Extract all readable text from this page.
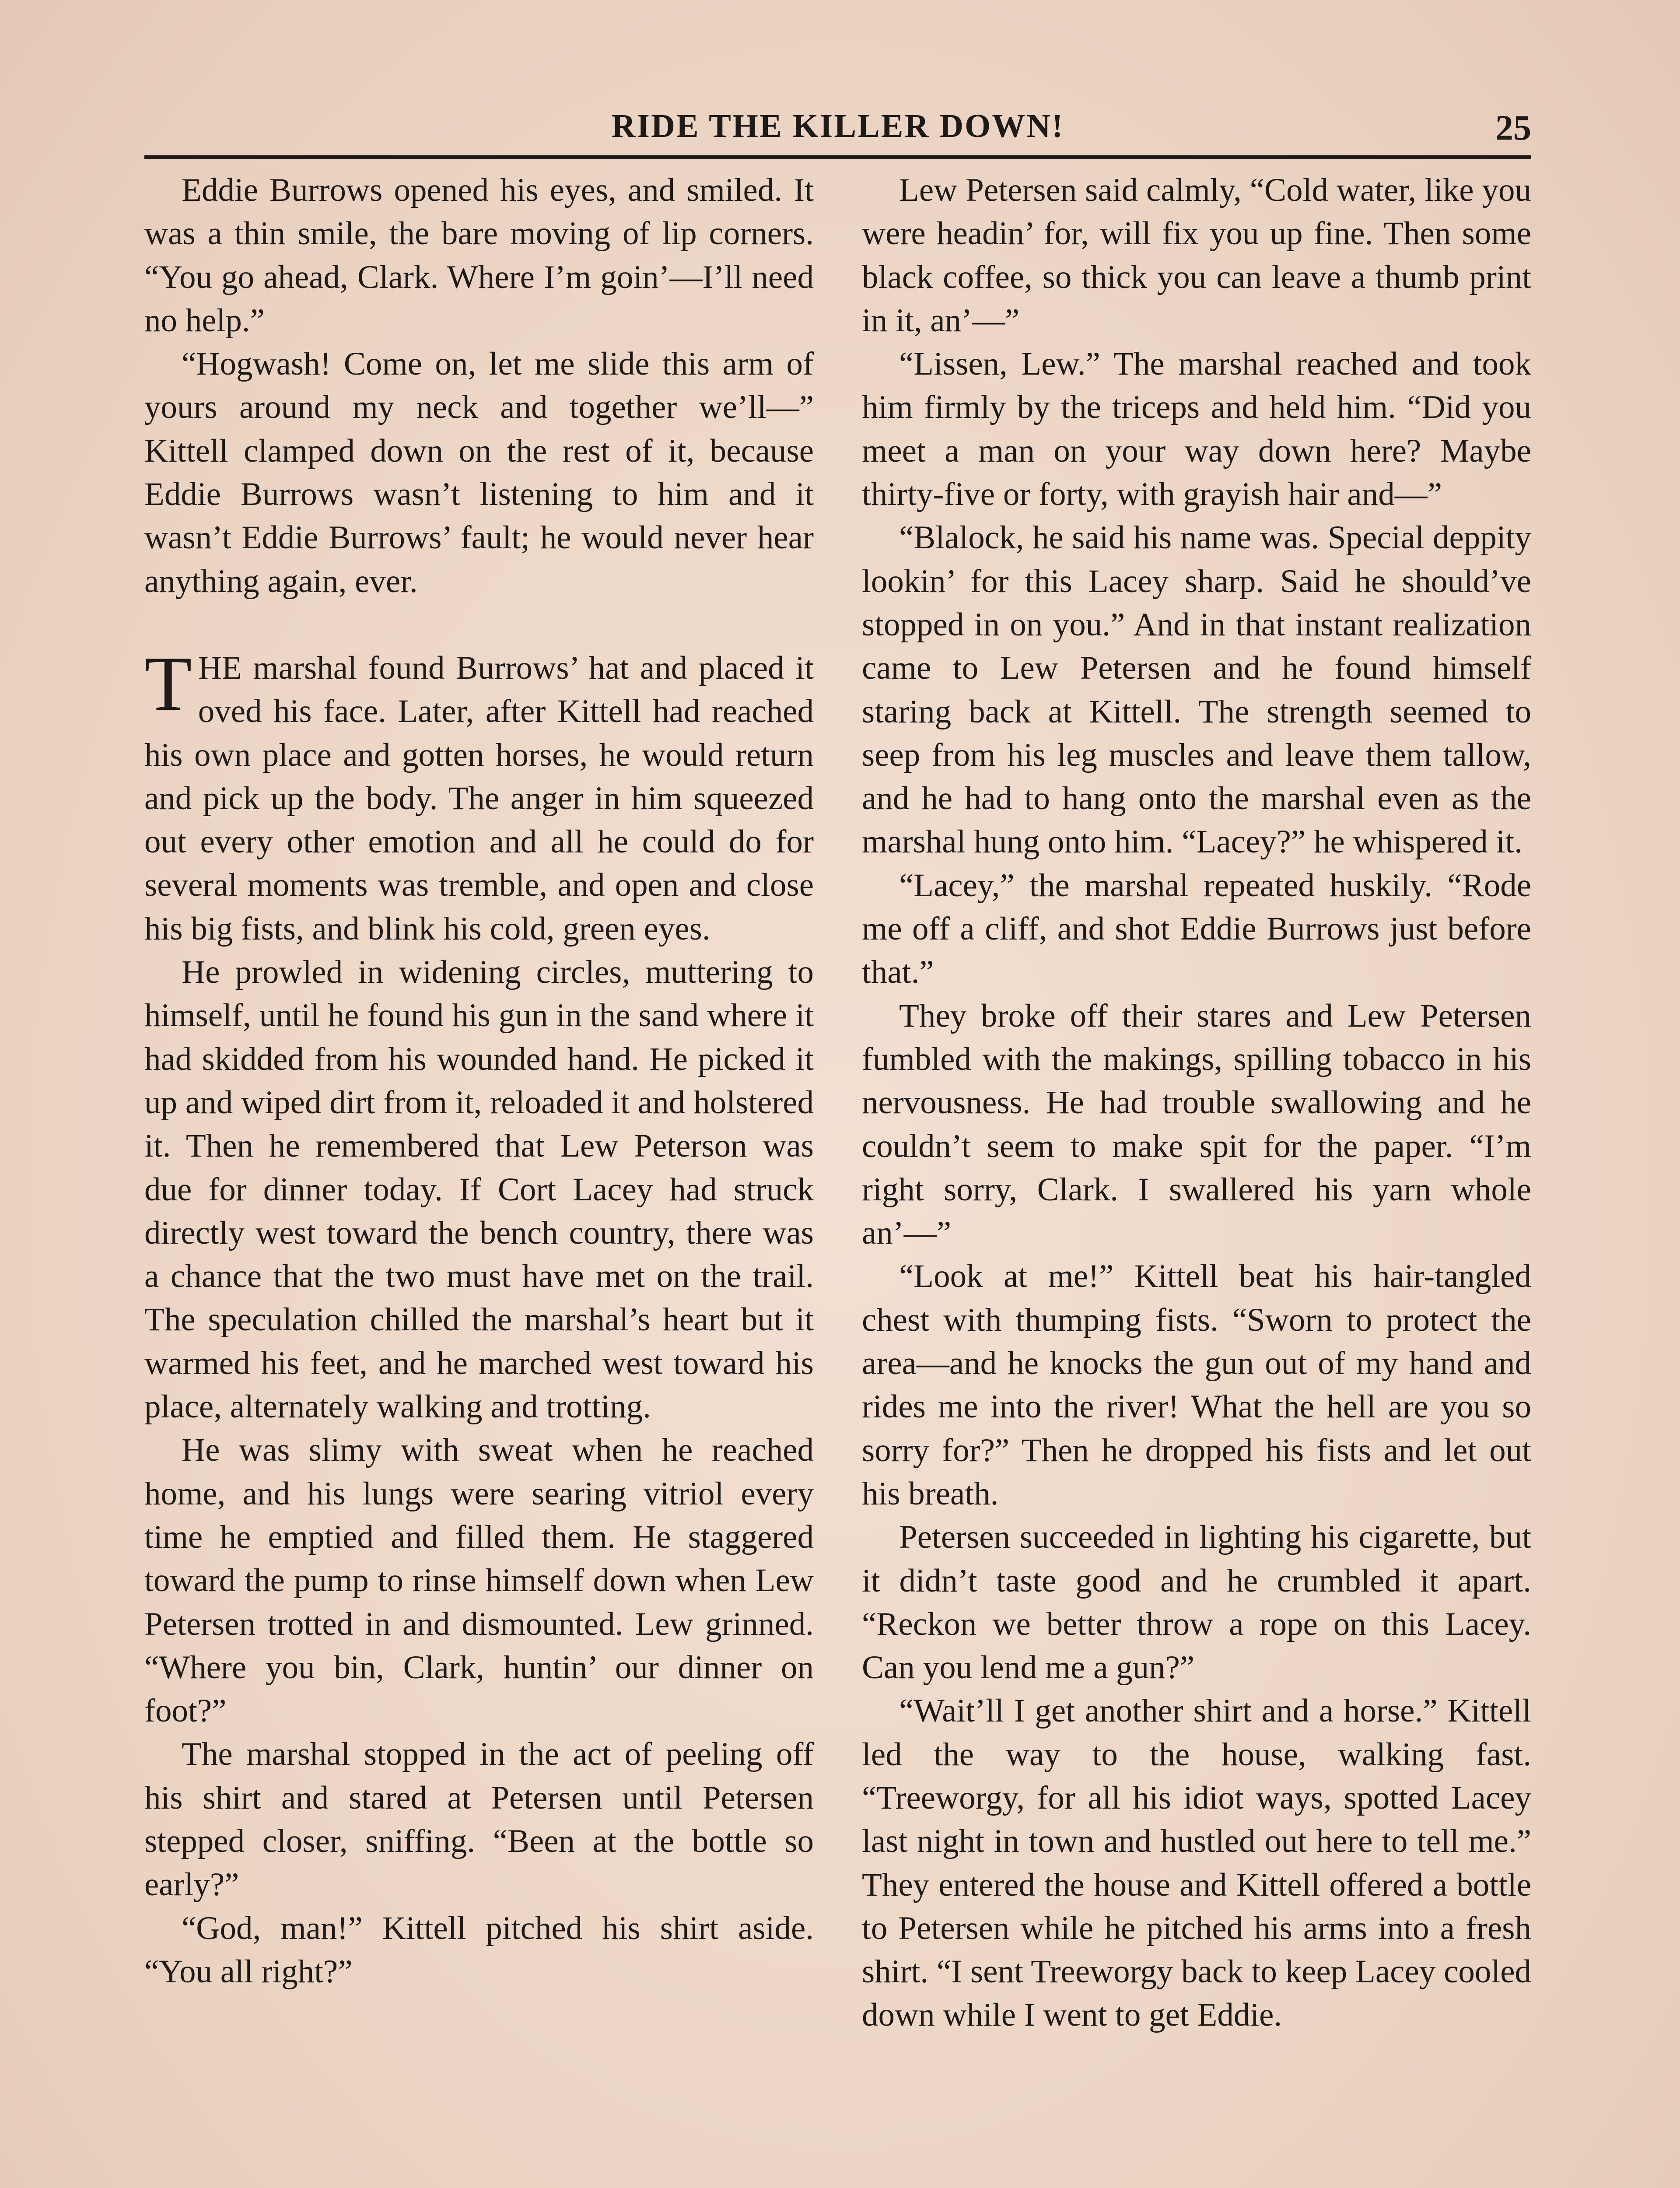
RIDE THE KILLER DOWN!	25

Eddie Burrows opened his eyes, and smiled. It was a thin smile, the bare moving of lip corners. “You go ahead, Clark. Where I’m goin’—I’ll need no help.”

“Hogwash! Come on, let me slide this arm of yours around my neck and together we’ll—” Kittell clamped down on the rest of it, because Eddie Burrows wasn’t listening to him and it wasn’t Eddie Burrows’ fault; he would never hear anything again, ever.

THE marshal found Burrows’ hat and placed it oved his face. Later, after Kittell had reached his own place and gotten horses, he would return and pick up the body. The anger in him squeezed out every other emotion and all he could do for several moments was tremble, and open and close his big fists, and blink his cold, green eyes.

He prowled in widening circles, muttering to himself, until he found his gun in the sand where it had skidded from his wounded hand. He picked it up and wiped dirt from it, reloaded it and holstered it. Then he remembered that Lew Peterson was due for dinner today. If Cort Lacey had struck directly west toward the bench country, there was a chance that the two must have met on the trail. The speculation chilled the marshal’s heart but it warmed his feet, and he marched west toward his place, alternately walking and trotting.

He was slimy with sweat when he reached home, and his lungs were searing vitriol every time he emptied and filled them. He staggered toward the pump to rinse himself down when Lew Petersen trotted in and dismounted. Lew grinned. “Where you bin, Clark, huntin’ our dinner on foot?”

The marshal stopped in the act of peeling off his shirt and stared at Petersen until Petersen stepped closer, sniffing. “Been at the bottle so early?”

“God, man!” Kittell pitched his shirt aside. “You all right?”

Lew Petersen said calmly, “Cold water, like you were headin’ for, will fix you up fine. Then some black coffee, so thick you can leave a thumb print in it, an’—”

“Lissen, Lew.” The marshal reached and took him firmly by the triceps and held him. “Did you meet a man on your way down here? Maybe thirty-five or forty, with grayish hair and—”

“Blalock, he said his name was. Special deppity lookin’ for this Lacey sharp. Said he should’ve stopped in on you.” And in that instant realization came to Lew Petersen and he found himself staring back at Kittell. The strength seemed to seep from his leg muscles and leave them tallow, and he had to hang onto the marshal even as the marshal hung onto him. “Lacey?” he whispered it.

“Lacey,” the marshal repeated huskily. “Rode me off a cliff, and shot Eddie Burrows just before that.”

They broke off their stares and Lew Petersen fumbled with the makings, spilling tobacco in his nervousness. He had trouble swallowing and he couldn’t seem to make spit for the paper. “I’m right sorry, Clark. I swallered his yarn whole an’—”

“Look at me!” Kittell beat his hair-tangled chest with thumping fists. “Sworn to protect the area—and he knocks the gun out of my hand and rides me into the river! What the hell are you so sorry for?” Then he dropped his fists and let out his breath.

Petersen succeeded in lighting his cigarette, but it didn’t taste good and he crumbled it apart. “Reckon we better throw a rope on this Lacey. Can you lend me a gun?”

“Wait’ll I get another shirt and a horse.” Kittell led the way to the house, walking fast. “Treeworgy, for all his idiot ways, spotted Lacey last night in town and hustled out here to tell me.” They entered the house and Kittell offered a bottle to Petersen while he pitched his arms into a fresh shirt. “I sent Treeworgy back to keep Lacey cooled down while I went to get Eddie.
